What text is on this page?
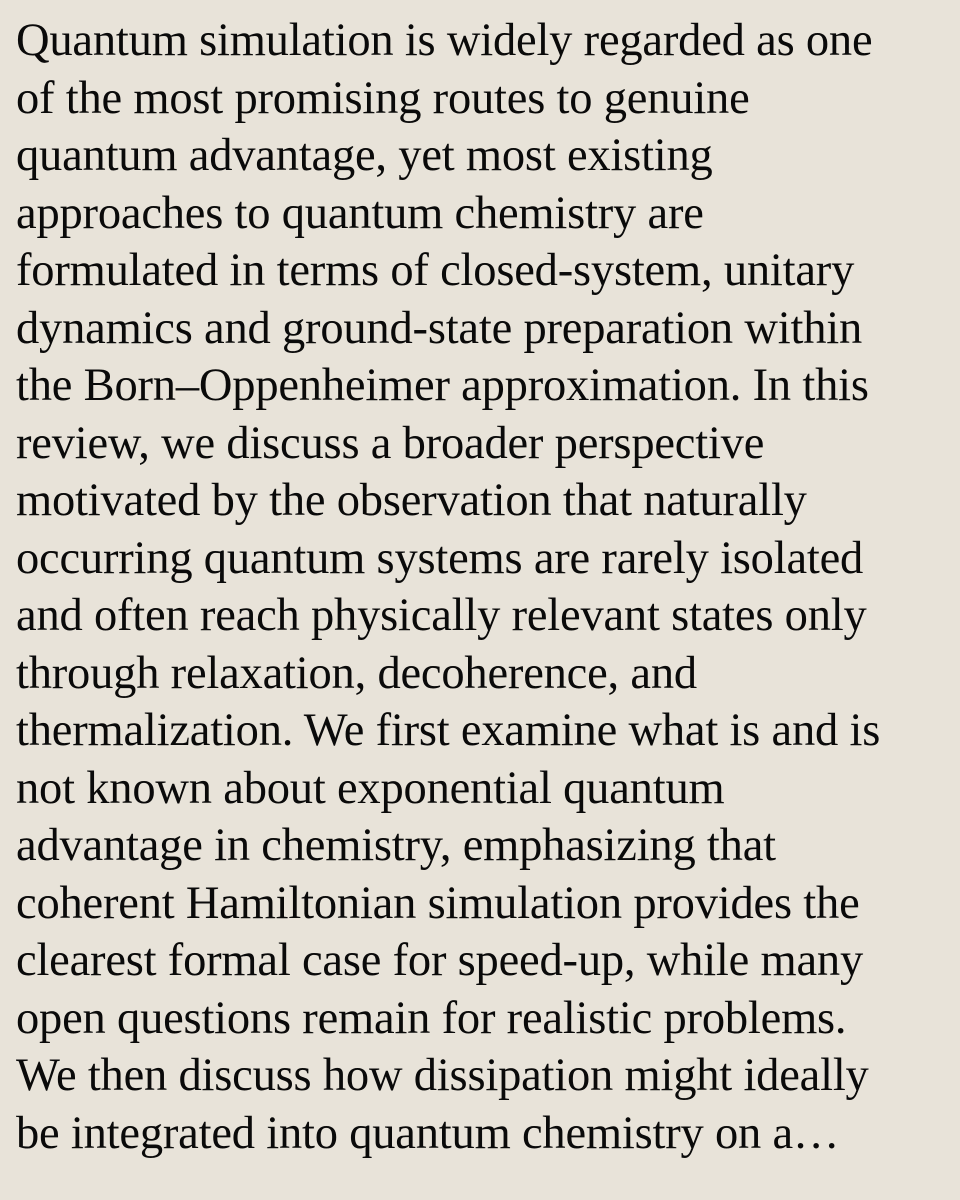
Quantum simulation is widely regarded as one
of the most promising routes to genuine
quantum advantage, yet most existing
approaches to quantum chemistry are
formulated in terms of closed-system, unitary
dynamics and ground-state preparation within
the Born–Oppenheimer approximation. In this
review, we discuss a broader perspective
motivated by the observation that naturally
occurring quantum systems are rarely isolated
and often reach physically relevant states only
through relaxation, decoherence, and
thermalization. We first examine what is and is
not known about exponential quantum
advantage in chemistry, emphasizing that
coherent Hamiltonian simulation provides the
clearest formal case for speed-up, while many
open questions remain for realistic problems.
We then discuss how dissipation might ideally
be integrated into quantum chemistry on a…
